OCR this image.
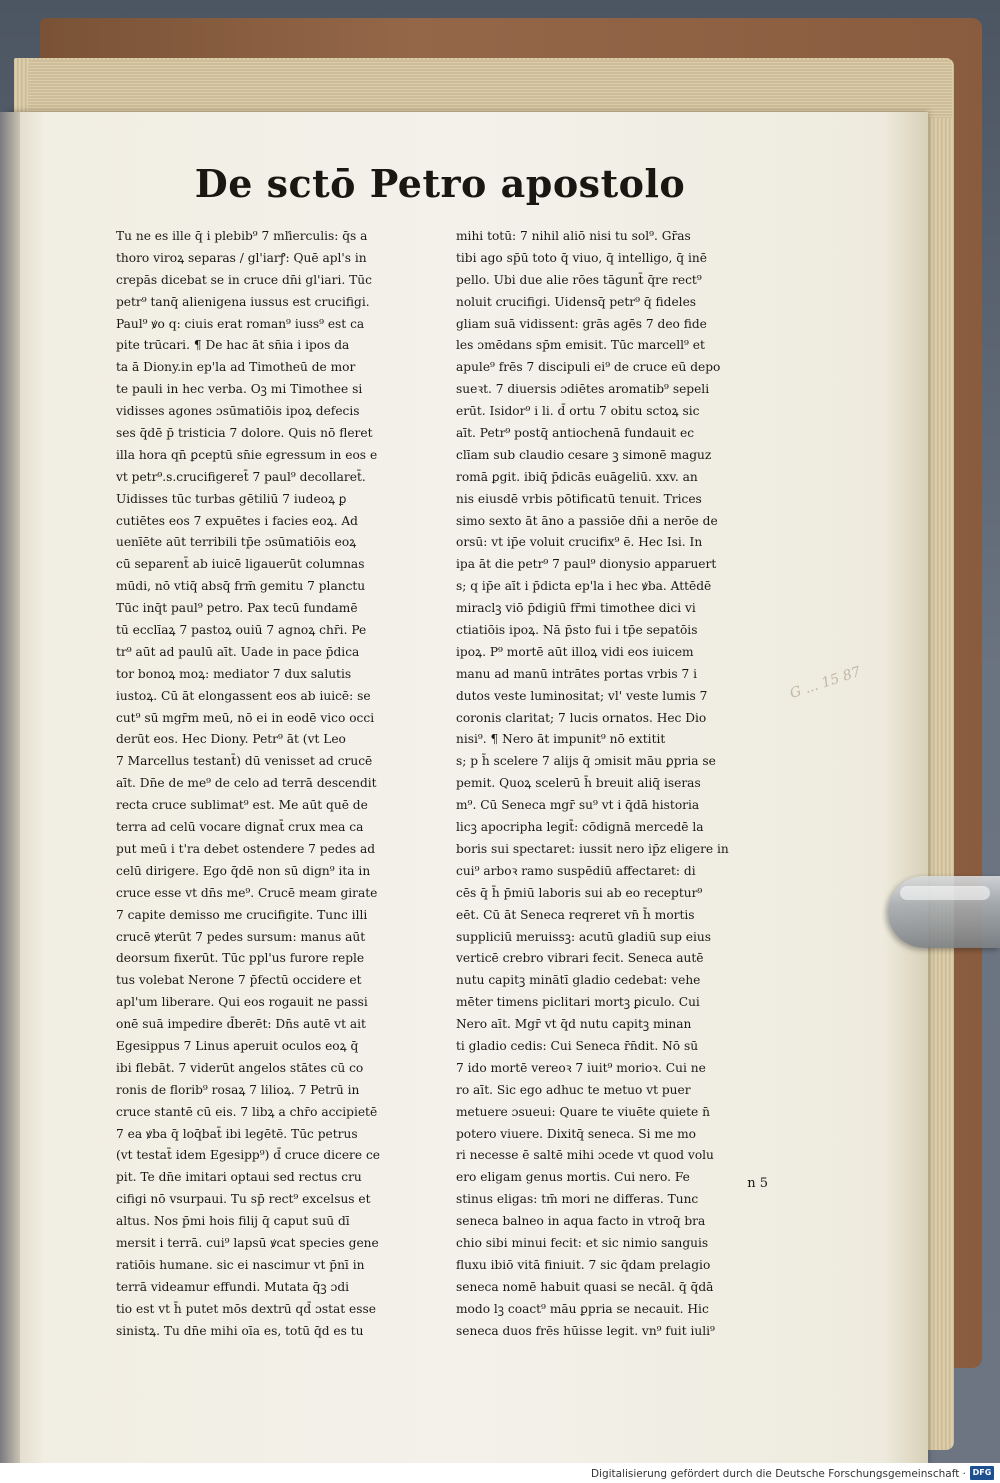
De sctō Petro apostolo
Tu ne es ille q̄ i plebib⁹ 7 mľierculis: q̄s a
thoro viroꝝ separas / gl'iarꝭ: Quē apl's in
crepās dicebat se in cruce dn̄i gl'iari. Tūc
petr⁹ tanq̄ alienigena iussus est crucifigi.
Paul⁹ ꝟo q: ciuis erat roman⁹ iuss⁹ est ca
pite trūcari. ¶ De hac āt sn̄ia i ipos da
ta ā Diony.in ep'la ad Timotheū de mor
te pauli in hec verba. Oꝫ mi Timothee si
vidisses agones ɔsūmatiōis ipoꝝ defecis
ses q̄dē p̄ tristicia 7 dolore. Quis nō fleret
illa hora qn̄ ꝑceptū sn̄ie egressum in eos e
vt petr⁹.s.crucifigeret̄ 7 paul⁹ decollaret̄.
Uidisses tūc turbas gētiliū 7 iudeoꝝ ꝑ
cutiētes eos 7 expuētes i facies eoꝝ. Ad
uenīēte aūt terribili tp̄e ɔsūmatiōis eoꝝ
cū separent̄ ab iuicē ligauerūt columnas
mūdi, nō vtiq̄ absq̄ frm̄ gemitu 7 planctu
Tūc inq̄t paul⁹ petro. Pax tecū fundamē
tū ecclīaꝝ 7 pastoꝝ ouiū 7 agnoꝝ chr̄i. Pe
tr⁹ aūt ad paulū aīt. Uade in pace p̄dica
tor bonoꝝ moꝝ: mediator 7 dux salutis
iustoꝝ. Cū āt elongassent eos ab iuicē: se
cut⁹ sū mgr̄m meū, nō ei in eodē vico occi
derūt eos. Hec Diony. Petr⁹ āt (vt Leo
7 Marcellus testant̄) dū venisset ad crucē
aīt. Dn̄e de me⁹ de celo ad terrā descendit
recta cruce sublimat⁹ est. Me aūt quē de
terra ad celū vocare dignat̄ crux mea ca
put meū i t'ra debet ostendere 7 pedes ad
celū dirigere. Ego q̄dē non sū dign⁹ ita in
cruce esse vt dn̄s me⁹. Crucē meam girate
7 capite demisso me crucifigite. Tunc illi
crucē ꝟterūt 7 pedes sursum: manus aūt
deorsum fixerūt. Tūc ppl'us furore reple
tus volebat Nerone 7 p̄fectū occidere et
apl'um liberare. Qui eos rogauit ne passi
onē suā impedire d̄berēt: Dn̄s autē vt ait
Egesippus 7 Linus aperuit oculos eoꝝ q̄
ibi flebāt. 7 viderūt angelos stātes cū co
ronis de florib⁹ rosaꝝ 7 lilioꝝ. 7 Petrū in
cruce stantē cū eis. 7 libꝝ a chr̄o accipietē
7 ea ꝟba q̄ loq̄bat̄ ibi legētē. Tūc petrus
(vt testat̄ idem Egesipp⁹) d̄ cruce dicere ce
pit. Te dn̄e imitari optaui sed rectus cru
cifigi nō vsurpaui. Tu sp̄ rect⁹ excelsus et
altus. Nos p̄mi hois filij q̄ caput suū dī
mersit i terrā. cui⁹ lapsū ꝟcat species gene
ratiōis humane. sic ei nascimur vt p̄nī in
terrā videamur effundi. Mutata q̄ꝫ ɔdi
tio est vt h̄ putet mōs dextrū qd̄ ɔstat esse
sinistꝝ. Tu dn̄e mihi oīa es, totū q̄d es tu
mihi totū: 7 nihil aliō nisi tu sol⁹. Gr̄as
tibi ago sp̄ū toto q̄ viuo, q̄ intelligo, q̄ inē
pello. Ubi due alie rōes tāgunt̄ q̄re rect⁹
noluit crucifigi. Uidensq̄ petr⁹ q̄ fideles
gliam suā vidissent: grās agēs 7 deo fide
les ɔmēdans sp̄m emisit. Tūc marcell⁹ et
apule⁹ frēs 7 discipuli ei⁹ de cruce eū depo
sueꝛt. 7 diuersis ɔdiētes aromatib⁹ sepeli
erūt. Isidor⁹ i li. d̄ ortu 7 obitu sctoꝝ sic
aīt. Petr⁹ postq̄ antiochenā fundauit ec
clīam sub claudio cesare ꝫ simonē maguz
romā ꝑgit. ibiq̄ p̄dicās euāgeliū. xxv. an
nis eiusdē vrbis pōtificatū tenuit. Trices
simo sexto āt āno a passiōe dn̄i a nerōe de
orsū: vt ip̄e voluit crucifix⁹ ē. Hec Isi. In
ipa āt die petr⁹ 7 paul⁹ dionysio apparuert
s; q ip̄e aīt i p̄dicta ep'la i hec ꝟba. Attēdē
miraclꝫ viō p̄digiū fr̄mi timothee dici vi
ctiatiōis ipoꝝ. Nā p̄sto fui i tp̄e sepatōis
ipoꝝ. P⁹ mortē aūt illoꝝ vidi eos iuicem
manu ad manū intrātes portas vrbis 7 i
dutos veste luminositat; vl' veste lumis 7
coronis claritat; 7 lucis ornatos. Hec Dio
nisi⁹. ¶ Nero āt impunit⁹ nō extitit
s; p h̄ scelere 7 alijs q̄ ɔmisit māu ꝑpria se
pemit. Quoꝝ scelerū h̄ breuit aliq̄ iseras
m⁹. Cū Seneca mgr̄ su⁹ vt i q̄dā historia
licꝫ apocripha legit̄: cōdignā mercedē la
boris sui spectaret: iussit nero ip̄z eligere in
cui⁹ arboꝛ ramo suspēdiū affectaret: di
cēs q̄ h̄ p̄miū laboris sui ab eo receptur⁹
eēt. Cū āt Seneca reqreret vn̄ h̄ mortis
suppliciū meruissꝫ: acutū gladiū sup eius
verticē crebro vibrari fecit. Seneca autē
nutu capitꝫ minātī gladio cedebat: vehe
mēter timens piclitari mortꝫ ꝑiculo. Cui
Nero aīt. Mgr̄ vt q̄d nutu capitꝫ minan
ti gladio cedis: Cui Seneca r̄n̄dit. Nō sū
7 ido mortē vereoꝛ 7 iuit⁹ morioꝛ. Cui ne
ro aīt. Sic ego adhuc te metuo vt puer
metuere ɔsueui: Quare te viuēte quiete n̄
potero viuere. Dixitq̄ seneca. Si me mo
ri necesse ē saltē mihi ɔcede vt quod volu
ero eligam genus mortis. Cui nero. Fe
stinus eligas: tm̄ mori ne differas. Tunc
seneca balneo in aqua facto in vtroq̄ bra
chio sibi minui fecit: et sic nimio sanguis
fluxu ibiō vitā finiuit. 7 sic q̄dam prelagio
seneca nomē habuit quasi se necāl. q̄ q̄dā
modo lꝫ coact⁹ māu ꝑpria se necauit. Hic
seneca duos frēs hūisse legit. vn⁹ fuit iuli⁹
n 5
G ... 15 87
Digitalisierung gefördert durch die Deutsche Forschungsgemeinschaft · DFG
